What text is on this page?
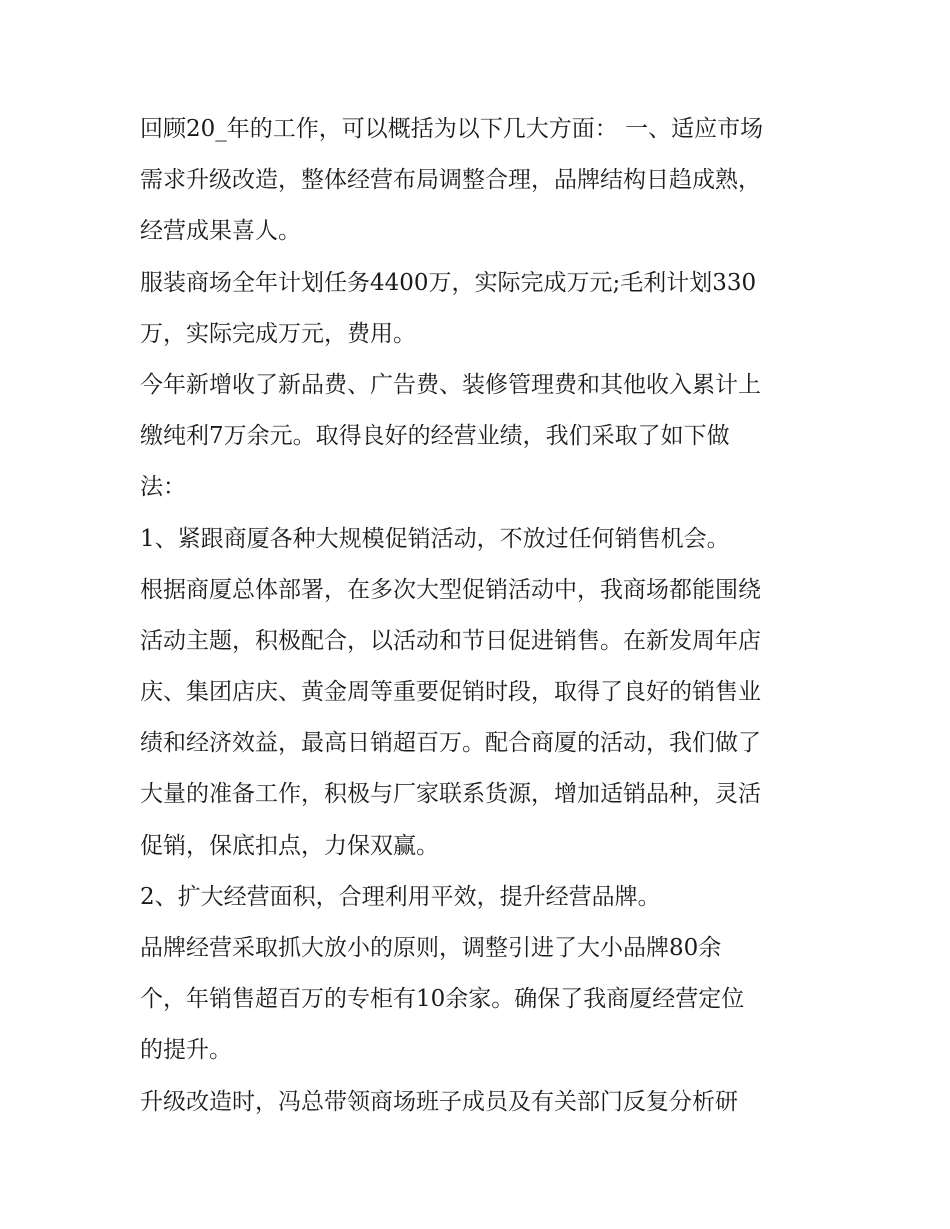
回顾20_年的工作，可以概括为以下几大方面： 一、适应市场
需求升级改造，整体经营布局调整合理，品牌结构日趋成熟，
经营成果喜人。
服装商场全年计划任务4400万，实际完成万元;毛利计划330
万，实际完成万元，费用。
今年新增收了新品费、广告费、装修管理费和其他收入累计上
缴纯利7万余元。取得良好的经营业绩，我们采取了如下做
法：
1、紧跟商厦各种大规模促销活动，不放过任何销售机会。
根据商厦总体部署，在多次大型促销活动中，我商场都能围绕
活动主题，积极配合，以活动和节日促进销售。在新发周年店
庆、集团店庆、黄金周等重要促销时段，取得了良好的销售业
绩和经济效益，最高日销超百万。配合商厦的活动，我们做了
大量的准备工作，积极与厂家联系货源，增加适销品种，灵活
促销，保底扣点，力保双赢。
2、扩大经营面积，合理利用平效，提升经营品牌。
品牌经营采取抓大放小的原则，调整引进了大小品牌80余
个，年销售超百万的专柜有10余家。确保了我商厦经营定位
的提升。
升级改造时，冯总带领商场班子成员及有关部门反复分析研
